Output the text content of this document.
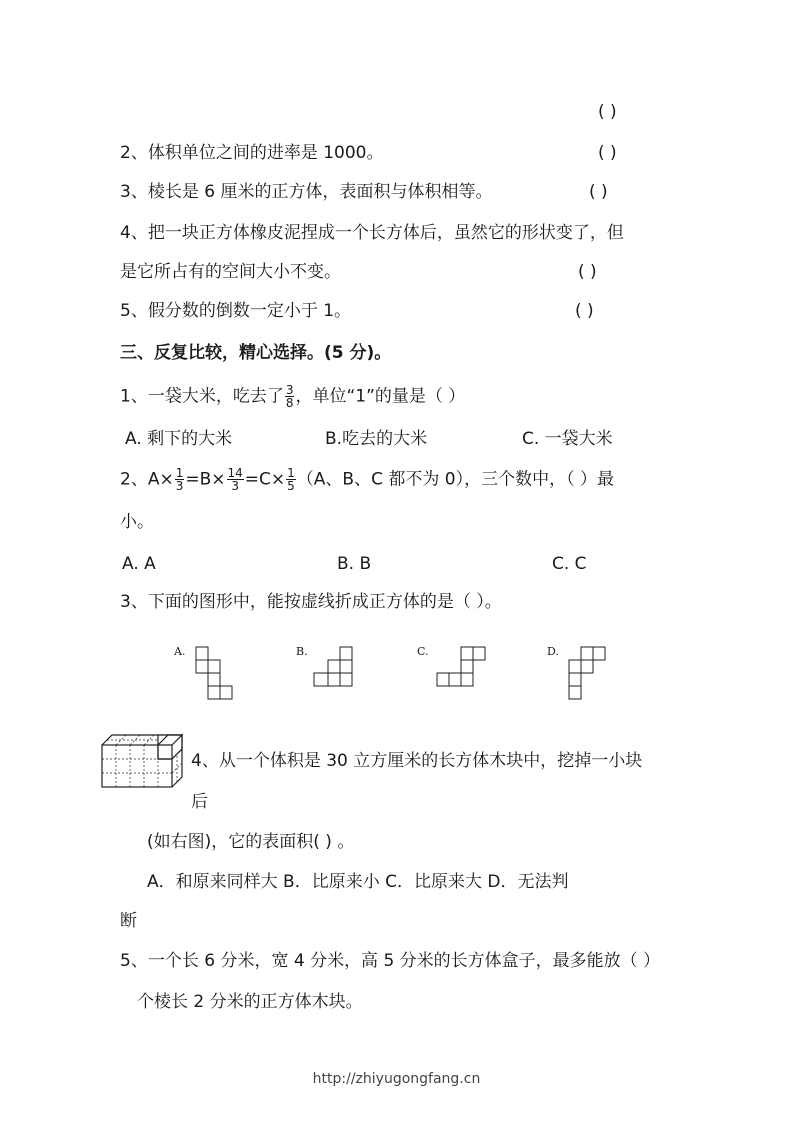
( )
2、体积单位之间的进率是 1000。	( )
3、棱长是 6 厘米的正方体，表面积与体积相等。	( )
4、把一块正方体橡皮泥捏成一个长方体后，虽然它的形状变了，但
是它所占有的空间大小不变。	( )
5、假分数的倒数一定小于 1。	( )
三、反复比较，精心选择。(5 分)。
1、一袋大米，吃去了 $\frac{3}{8}$ ，单位“1”的量是（ ）
A. 剩下的大米	B.吃去的大米	C. 一袋大米
2、$A\times \frac{1}{3} =B\times \frac{14}{3} =C\times \frac{1}{5} (A$、B、C 都不为 0），三个数中，（ ）最
小。
A. A	B. B	C. C
3、下面的图形中，能按虚线折成正方体的是（ ）。
A.	B.	C.	D.
4、从一个体积是 30 立方厘米的长方体木块中，挖掉一小块
后
(如右图)，它的表面积( ) 。
A．和原来同样大 B．比原来小 C．比原来大 D．无法判
断
5、一个长 6 分米，宽 4 分米，高 5 分米的长方体盒子，最多能放（ ）
个棱长 2 分米的正方体木块。
http://zhiyugongfang.cn
